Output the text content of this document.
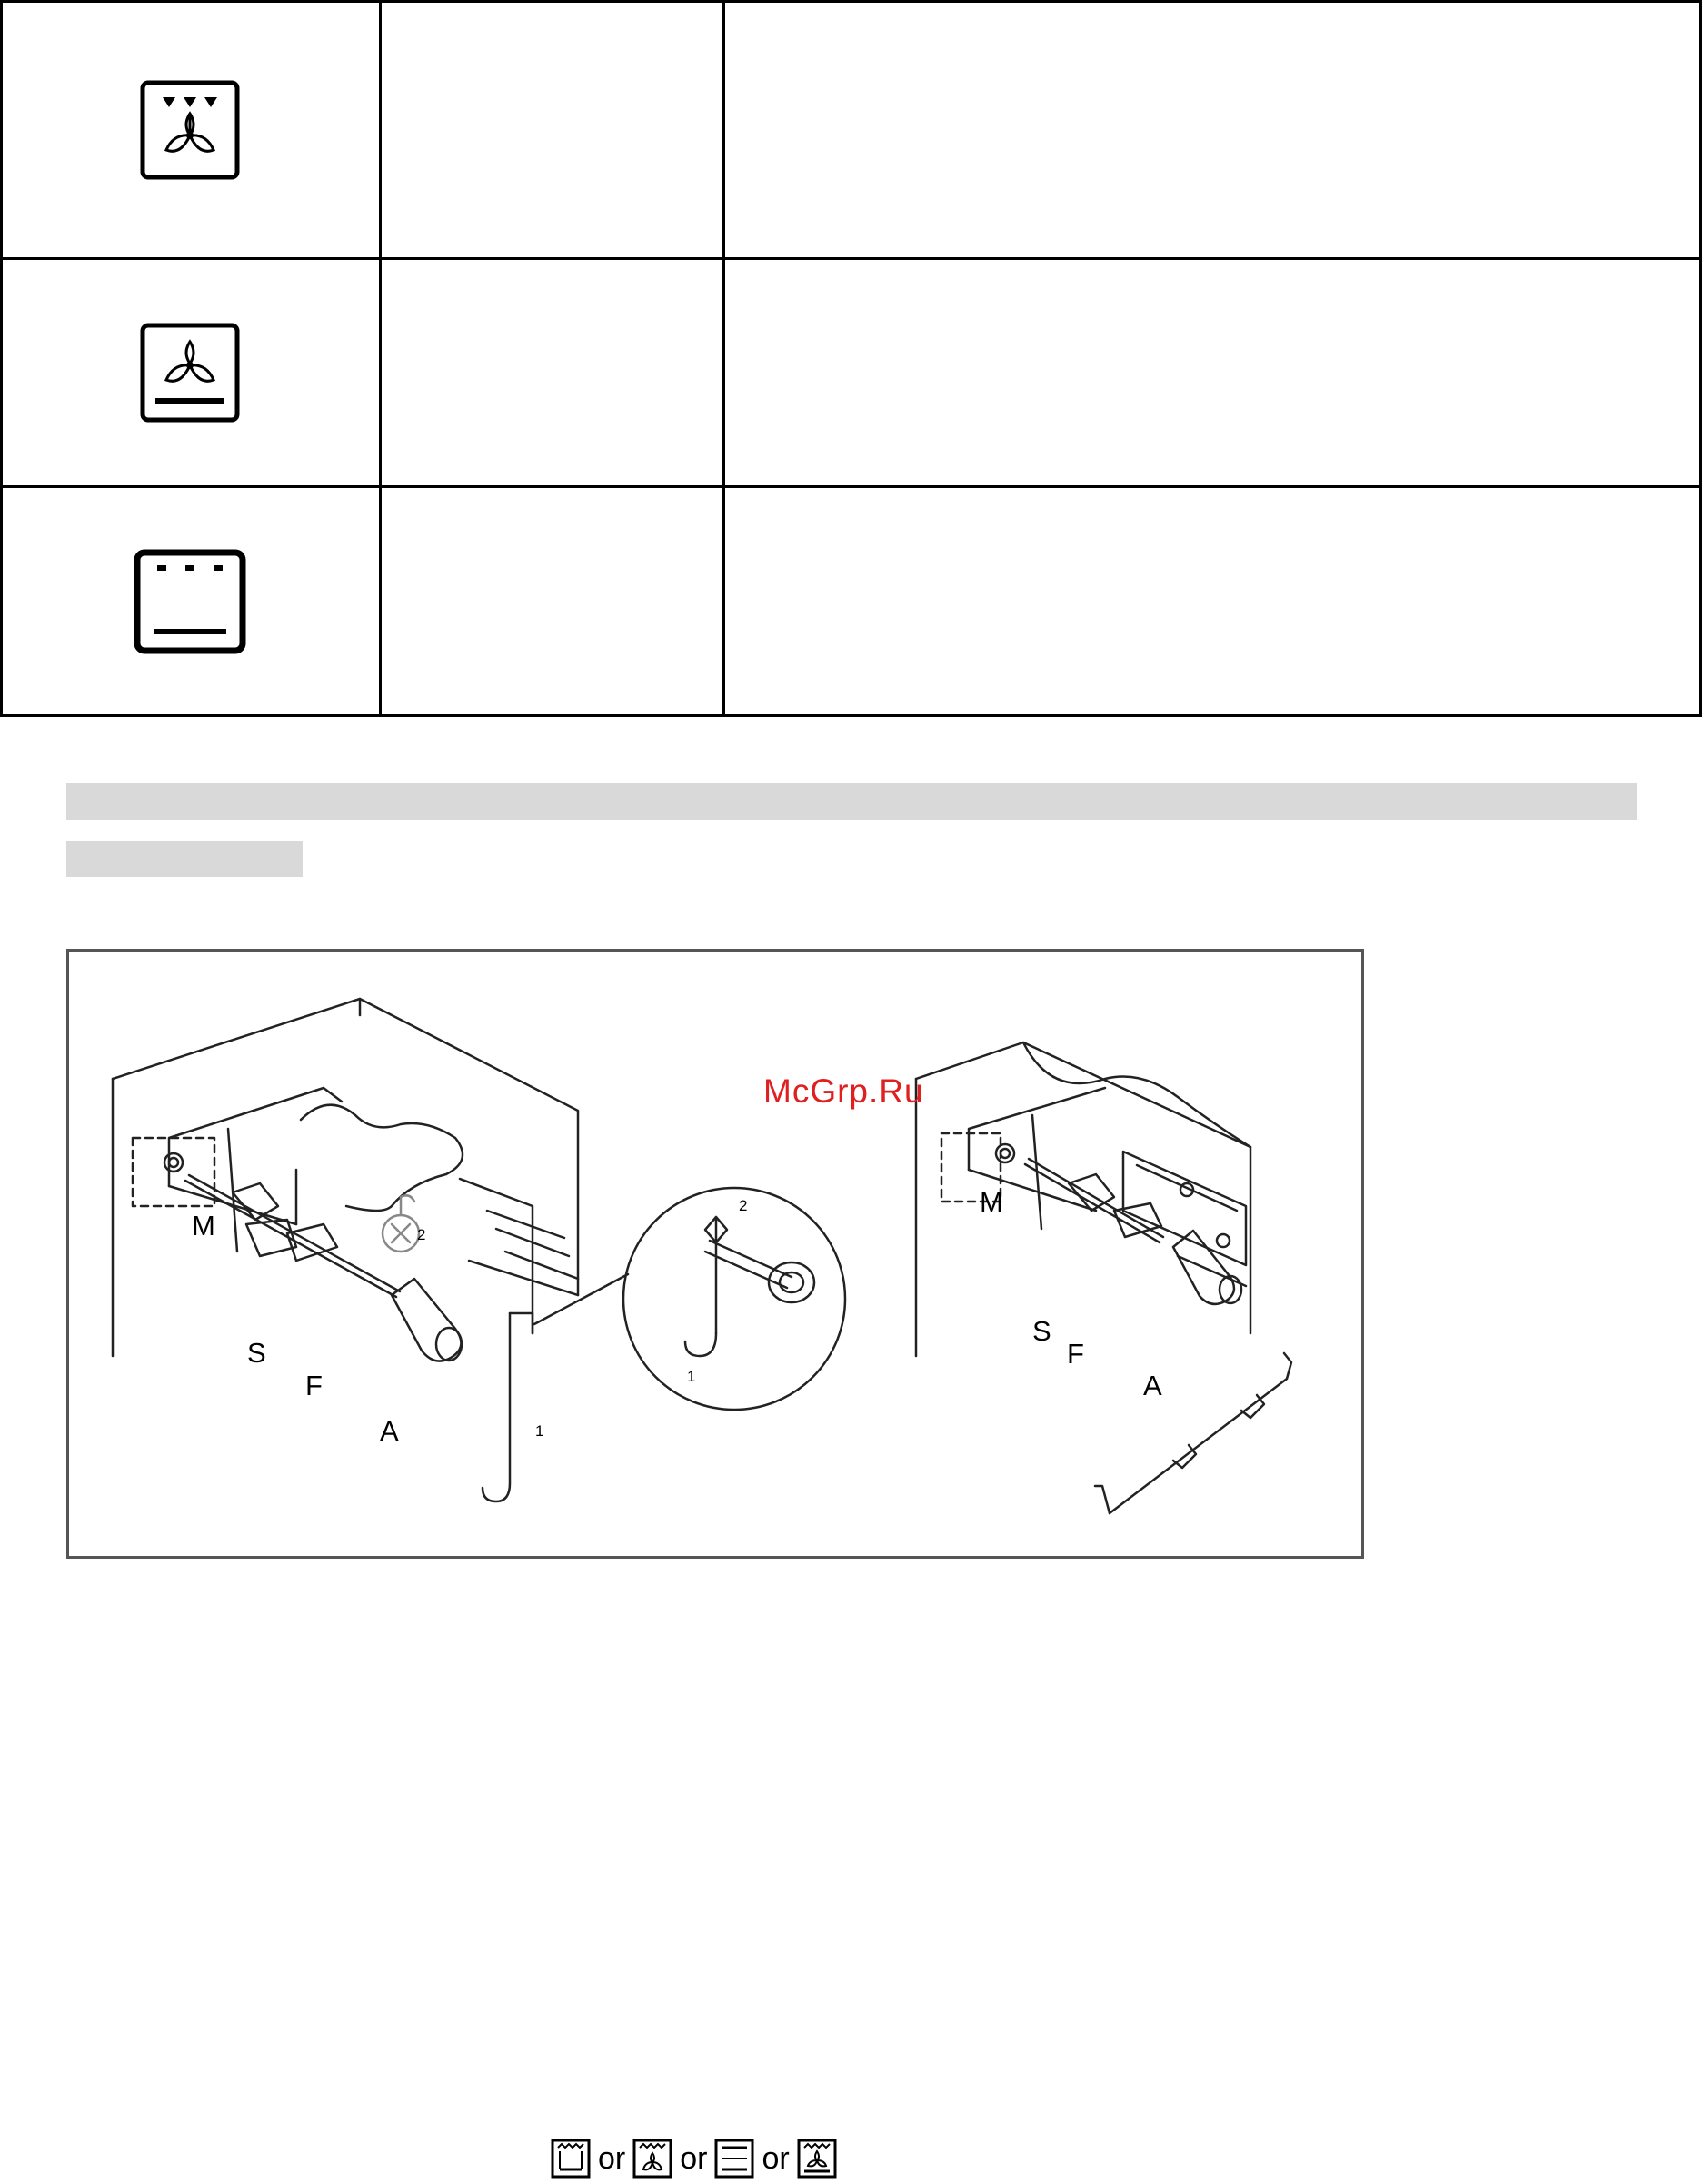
M
S
F
A	1
2
2
1
M
S
F
A
McGrp.Ru
or or or
